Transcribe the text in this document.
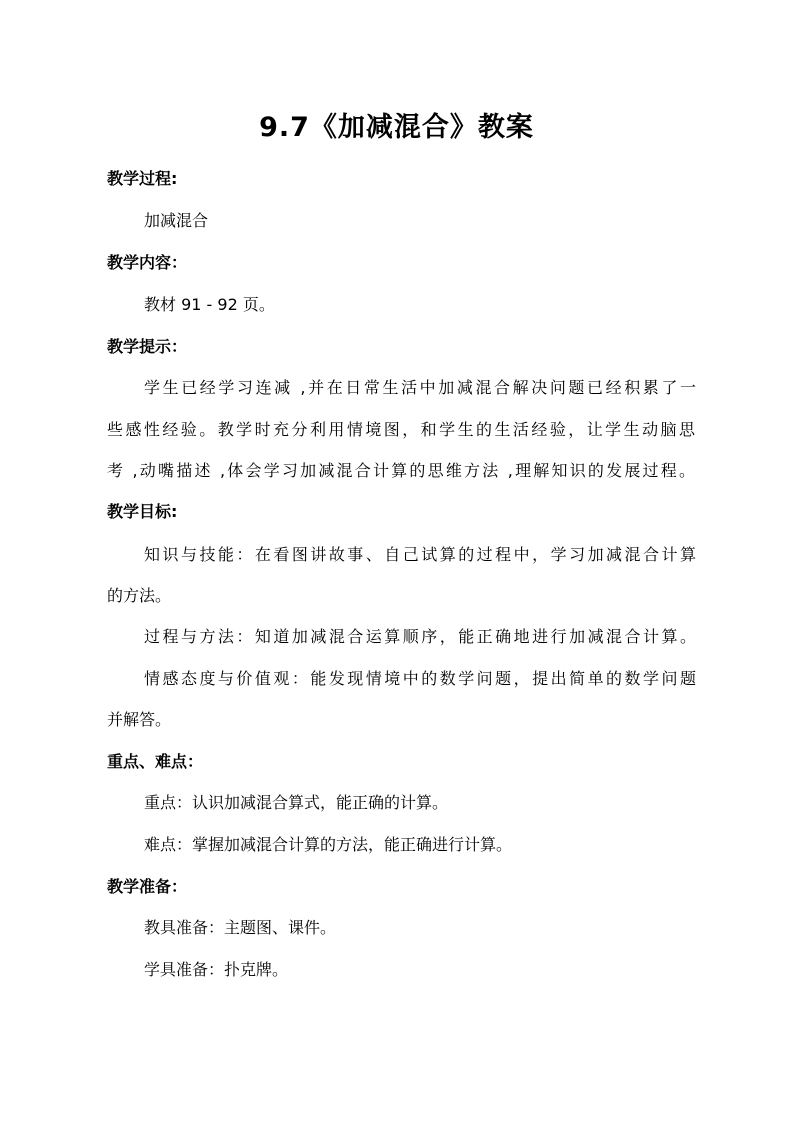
9.7《加减混合》教案
教学过程:
加减混合
教学内容：
教材 91 - 92 页。
教学提示：
学生已经学习连减 ,并在日常生活中加减混合解决问题已经积累了一
些感性经验。教学时充分利用情境图，和学生的生活经验，让学生动脑思
考 ,动嘴描述 ,体会学习加减混合计算的思维方法 ,理解知识的发展过程。
教学目标:
知识与技能：在看图讲故事、自己试算的过程中，学习加减混合计算
的方法。
过程与方法：知道加减混合运算顺序，能正确地进行加减混合计算。
情感态度与价值观：能发现情境中的数学问题，提出简单的数学问题
并解答。
重点、难点：
重点：认识加减混合算式，能正确的计算。
难点：掌握加减混合计算的方法，能正确进行计算。
教学准备：
教具准备：主题图、课件。
学具准备：扑克牌。
